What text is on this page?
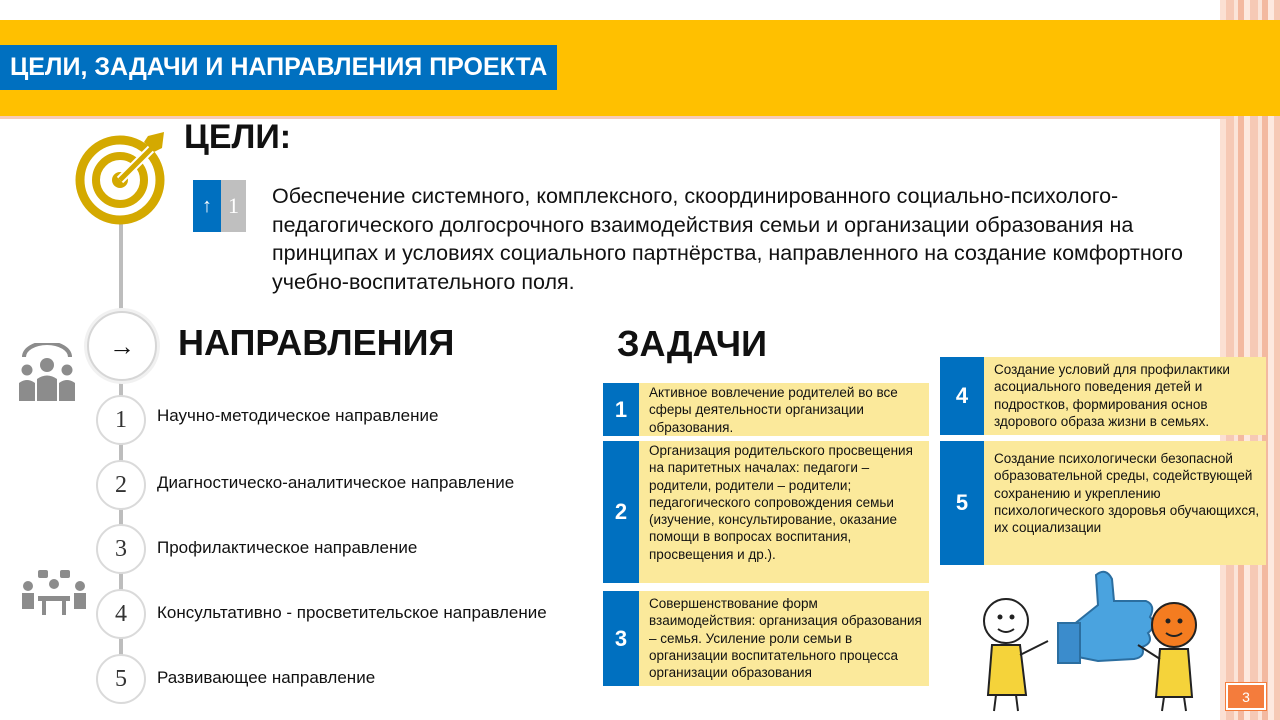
ЦЕЛИ, ЗАДАЧИ И НАПРАВЛЕНИЯ ПРОЕКТА
ЦЕЛИ:
↑ 1	Обеспечение системного, комплексного, скоординированного социально-психолого-педагогического долгосрочного взаимодействия семьи и организации образования на принципах и условиях социального партнёрства, направленного на создание комфортного учебно-воспитательного поля.
→	НАПРАВЛЕНИЯ
1	Научно-методическое направление
2	Диагностическо-аналитическое направление
3	Профилактическое направление
4	Консультативно - просветительское направление
5	Развивающее направление
ЗАДАЧИ
1
Активное вовлечение родителей во все сферы деятельности организации образования.
2
Организация родительского просвещения на паритетных началах: педагоги – родители, родители – родители; педагогического сопровождения семьи (изучение, консультирование, оказание помощи в вопросах воспитания, просвещения и др.).
3
Совершенствование форм взаимодействия: организация образования – семья. Усиление роли семьи в организации воспитательного процесса организации образования
4
Создание условий для профилактики асоциального поведения детей и подростков, формирования основ здорового образа жизни в семьях.
5
Создание психологически безопасной образовательной среды, содействующей сохранению и укреплению психологического здоровья обучающихся, их социализации
3
